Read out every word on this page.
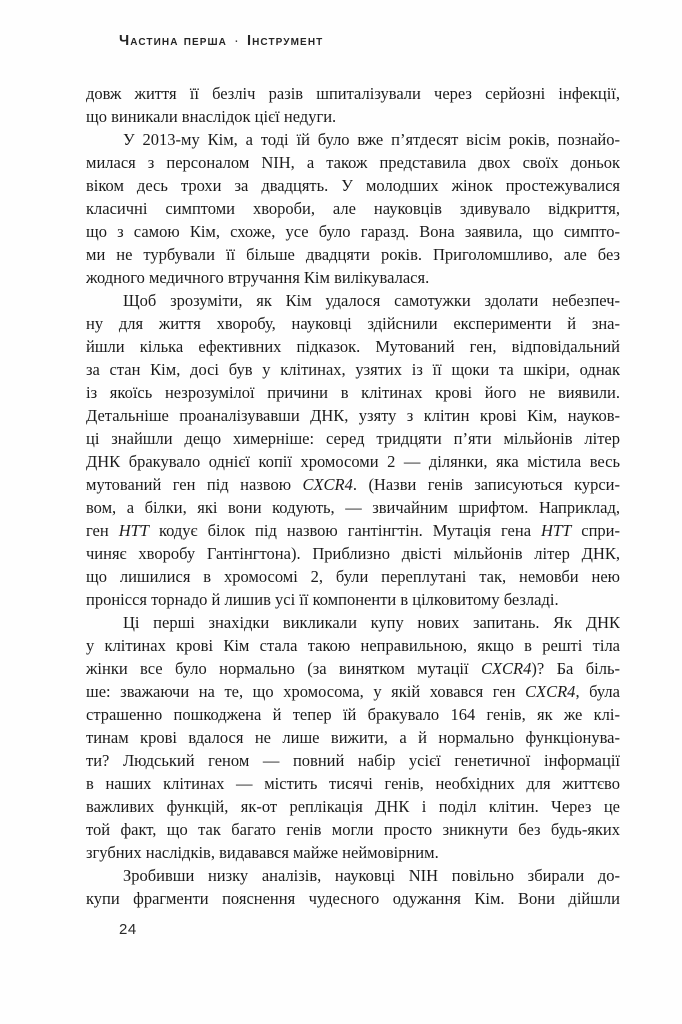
Частина перша · Інструмент
довж життя її безліч разів шпиталізували через серйозні інфекції,
що виникали внаслідок цієї недуги.
У 2013-му Кім, а тоді їй було вже п’ятдесят вісім років, познайо-
милася з персоналом NIH, а також представила двох своїх доньок
віком десь трохи за двадцять. У молодших жінок простежувалися
класичні симптоми хвороби, але науковців здивувало відкриття,
що з самою Кім, схоже, усе було гаразд. Вона заявила, що симпто-
ми не турбували її більше двадцяти років. Приголомшливо, але без
жодного медичного втручання Кім вилікувалася.
Щоб зрозуміти, як Кім удалося самотужки здолати небезпеч-
ну для життя хворобу, науковці здійснили експерименти й зна-
йшли кілька ефективних підказок. Мутований ген, відповідальний
за стан Кім, досі був у клітинах, узятих із її щоки та шкіри, однак
із якоїсь незрозумілої причини в клітинах крові його не виявили.
Детальніше проаналізувавши ДНК, узяту з клітин крові Кім, науков-
ці знайшли дещо химерніше: серед тридцяти п’яти мільйонів літер
ДНК бракувало однієї копії хромосоми 2 — ділянки, яка містила весь
мутований ген під назвою CXCR4. (Назви генів записуються курси-
вом, а білки, які вони кодують, — звичайним шрифтом. Наприклад,
ген HTT кодує білок під назвою гантінгтін. Мутація гена HTT спри-
чиняє хворобу Гантінгтона). Приблизно двісті мільйонів літер ДНК,
що лишилися в хромосомі 2, були переплутані так, немовби нею
пронісся торнадо й лишив усі її компоненти в цілковитому безладі.
Ці перші знахідки викликали купу нових запитань. Як ДНК
у клітинах крові Кім стала такою неправильною, якщо в решті тіла
жінки все було нормально (за винятком мутації CXCR4)? Ба біль-
ше: зважаючи на те, що хромосома, у якій ховався ген CXCR4, була
страшенно пошкоджена й тепер їй бракувало 164 генів, як же клі-
тинам крові вдалося не лише вижити, а й нормально функціонува-
ти? Людський геном — повний набір усієї генетичної інформації
в наших клітинах — містить тисячі генів, необхідних для життєво
важливих функцій, як-от реплікація ДНК і поділ клітин. Через це
той факт, що так багато генів могли просто зникнути без будь-яких
згубних наслідків, видавався майже неймовірним.
Зробивши низку аналізів, науковці NIH повільно збирали до-
купи фрагменти пояснення чудесного одужання Кім. Вони дійшли
24
